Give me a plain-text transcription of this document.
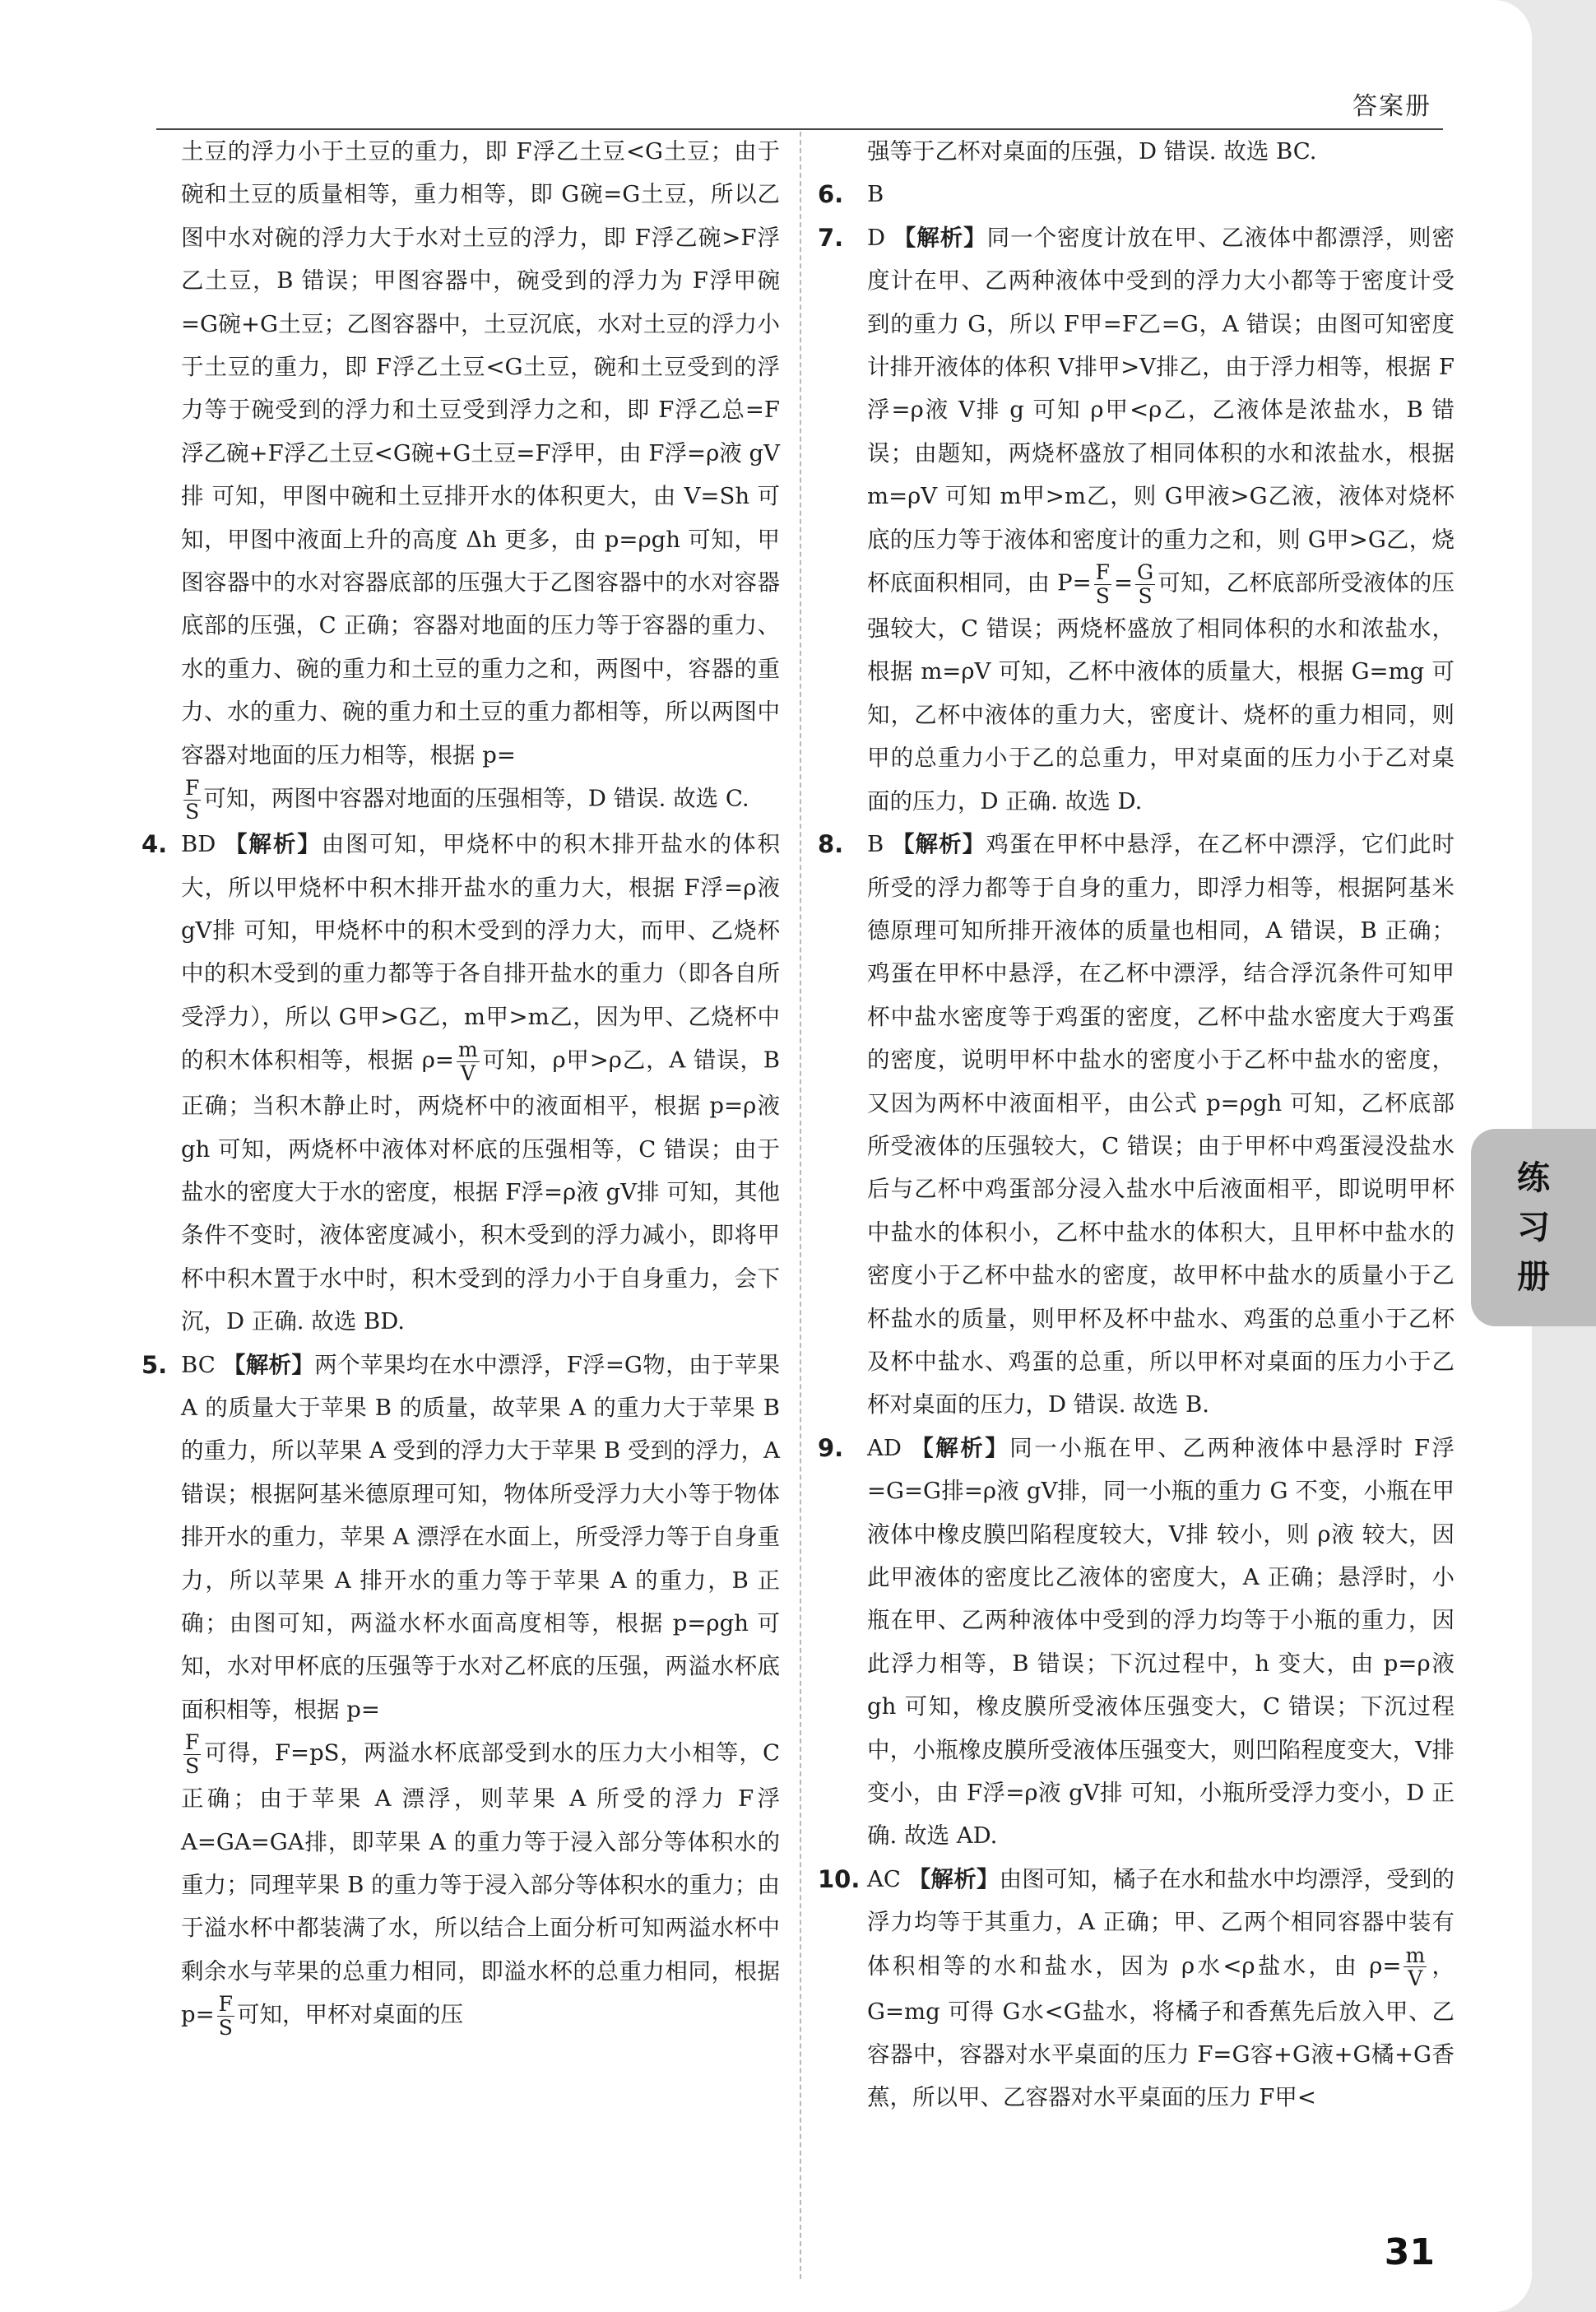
答案册
土豆的浮力小于土豆的重力，即 F浮乙土豆<G土豆；由于碗和土豆的质量相等，重力相等，即 G碗=G土豆，所以乙图中水对碗的浮力大于水对土豆的浮力，即 F浮乙碗>F浮乙土豆，B 错误；甲图容器中，碗受到的浮力为 F浮甲碗=G碗+G土豆；乙图容器中，土豆沉底，水对土豆的浮力小于土豆的重力，即 F浮乙土豆<G土豆，碗和土豆受到的浮力等于碗受到的浮力和土豆受到浮力之和，即 F浮乙总=F浮乙碗+F浮乙土豆<G碗+G土豆=F浮甲，由 F浮=ρ液 gV排 可知，甲图中碗和土豆排开水的体积更大，由 V=Sh 可知，甲图中液面上升的高度 Δh 更多，由 p=ρgh 可知，甲图容器中的水对容器底部的压强大于乙图容器中的水对容器底部的压强，C 正确；容器对地面的压力等于容器的重力、水的重力、碗的重力和土豆的重力之和，两图中，容器的重力、水的重力、碗的重力和土豆的重力都相等，所以两图中容器对地面的压力相等，根据 p=

$\frac{F}{S}$ 可知，两图中容器对地面的压强相等，D 错误. 故选 C.
4. BD 【解析】由图可知，甲烧杯中的积木排开盐水的体积大，所以甲烧杯中积木排开盐水的重力大，根据 F浮=ρ液 gV排 可知，甲烧杯中的积木受到的浮力大，而甲、乙烧杯中的积木受到的重力都等于各自排开盐水的重力（即各自所受浮力），所以 G甲>G乙，m甲>m乙，因为甲、乙烧杯中的积木体积相等，根据 $\rho= \frac{m}{V}$ 可知，ρ甲>ρ乙，A 错误，B 正确；当积木静止时，两烧杯中的液面相平，根据 p=ρ液 gh 可知，两烧杯中液体对杯底的压强相等，C 错误；由于盐水的密度大于水的密度，根据 F浮=ρ液 gV排 可知，其他条件不变时，液体密度减小，积木受到的浮力减小，即将甲杯中积木置于水中时，积木受到的浮力小于自身重力，会下沉，D 正确. 故选 BD.
5. BC 【解析】两个苹果均在水中漂浮，F浮=G物，由于苹果 A 的质量大于苹果 B 的质量，故苹果 A 的重力大于苹果 B 的重力，所以苹果 A 受到的浮力大于苹果 B 受到的浮力，A 错误；根据阿基米德原理可知，物体所受浮力大小等于物体排开水的重力，苹果 A 漂浮在水面上，所受浮力等于自身重力，所以苹果 A 排开水的重力等于苹果 A 的重力，B 正确；由图可知，两溢水杯水面高度相等，根据 p=ρgh 可知，水对甲杯底的压强等于水对乙杯底的压强，两溢水杯底面积相等，根据 p=

$\frac{F}{S}$ 可得，F=pS，两溢水杯底部受到水的压力大小相等，C 正确；由于苹果 A 漂浮，则苹果 A 所受的浮力 F浮A=GA=GA排，即苹果 A 的重力等于浸入部分等体积水的重力；同理苹果 B 的重力等于浸入部分等体积水的重力；由于溢水杯中都装满了水，所以结合上面分析可知两溢水杯中剩余水与苹果的总重力相同，即溢水杯的总重力相同，根据 $p= \frac{F}{S}$ 可知，甲杯对桌面的压
强等于乙杯对桌面的压强，D 错误. 故选 BC.
6. B
7. D 【解析】同一个密度计放在甲、乙液体中都漂浮，则密度计在甲、乙两种液体中受到的浮力大小都等于密度计受到的重力 G，所以 F甲=F乙=G，A 错误；由图可知密度计排开液体的体积 V排甲>V排乙，由于浮力相等，根据 F浮=ρ液 V排 g 可知 ρ甲<ρ乙，乙液体是浓盐水，B 错误；由题知，两烧杯盛放了相同体积的水和浓盐水，根据 m=ρV 可知 m甲>m乙，则 G甲液>G乙液，液体对烧杯底的压力等于液体和密度计的重力之和，则 G甲>G乙，烧杯底面积相同，由 $P= \frac{F}{S} = \frac{G}{S}$ 可知，乙杯底部所受液体的压强较大，C 错误；两烧杯盛放了相同体积的水和浓盐水，根据 m=ρV 可知，乙杯中液体的质量大，根据 G=mg 可知，乙杯中液体的重力大，密度计、烧杯的重力相同，则甲的总重力小于乙的总重力，甲对桌面的压力小于乙对桌面的压力，D 正确. 故选 D.
8. B 【解析】鸡蛋在甲杯中悬浮，在乙杯中漂浮，它们此时所受的浮力都等于自身的重力，即浮力相等，根据阿基米德原理可知所排开液体的质量也相同，A 错误，B 正确；鸡蛋在甲杯中悬浮，在乙杯中漂浮，结合浮沉条件可知甲杯中盐水密度等于鸡蛋的密度，乙杯中盐水密度大于鸡蛋的密度，说明甲杯中盐水的密度小于乙杯中盐水的密度，又因为两杯中液面相平，由公式 p=ρgh 可知，乙杯底部所受液体的压强较大，C 错误；由于甲杯中鸡蛋浸没盐水后与乙杯中鸡蛋部分浸入盐水中后液面相平，即说明甲杯中盐水的体积小，乙杯中盐水的体积大，且甲杯中盐水的密度小于乙杯中盐水的密度，故甲杯中盐水的质量小于乙杯盐水的质量，则甲杯及杯中盐水、鸡蛋的总重小于乙杯及杯中盐水、鸡蛋的总重，所以甲杯对桌面的压力小于乙杯对桌面的压力，D 错误. 故选 B.
9. AD 【解析】同一小瓶在甲、乙两种液体中悬浮时 F浮=G=G排=ρ液 gV排，同一小瓶的重力 G 不变，小瓶在甲液体中橡皮膜凹陷程度较大，V排 较小，则 ρ液 较大，因此甲液体的密度比乙液体的密度大，A 正确；悬浮时，小瓶在甲、乙两种液体中受到的浮力均等于小瓶的重力，因此浮力相等，B 错误；下沉过程中，h 变大，由 p=ρ液 gh 可知，橡皮膜所受液体压强变大，C 错误；下沉过程中，小瓶橡皮膜所受液体压强变大，则凹陷程度变大，V排 变小，由 F浮=ρ液 gV排 可知，小瓶所受浮力变小，D 正确. 故选 AD.
10. AC 【解析】由图可知，橘子在水和盐水中均漂浮，受到的浮力均等于其重力，A 正确；甲、乙两个相同容器中装有体积相等的水和盐水，因为 ρ水<ρ盐水，由 $\rho= \frac{m}{V}$ ，G=mg 可得 G水<G盐水，将橘子和香蕉先后放入甲、乙容器中，容器对水平桌面的压力 F=G容+G液+G橘+G香蕉，所以甲、乙容器对水平桌面的压力 F甲<
31
练
习
册
